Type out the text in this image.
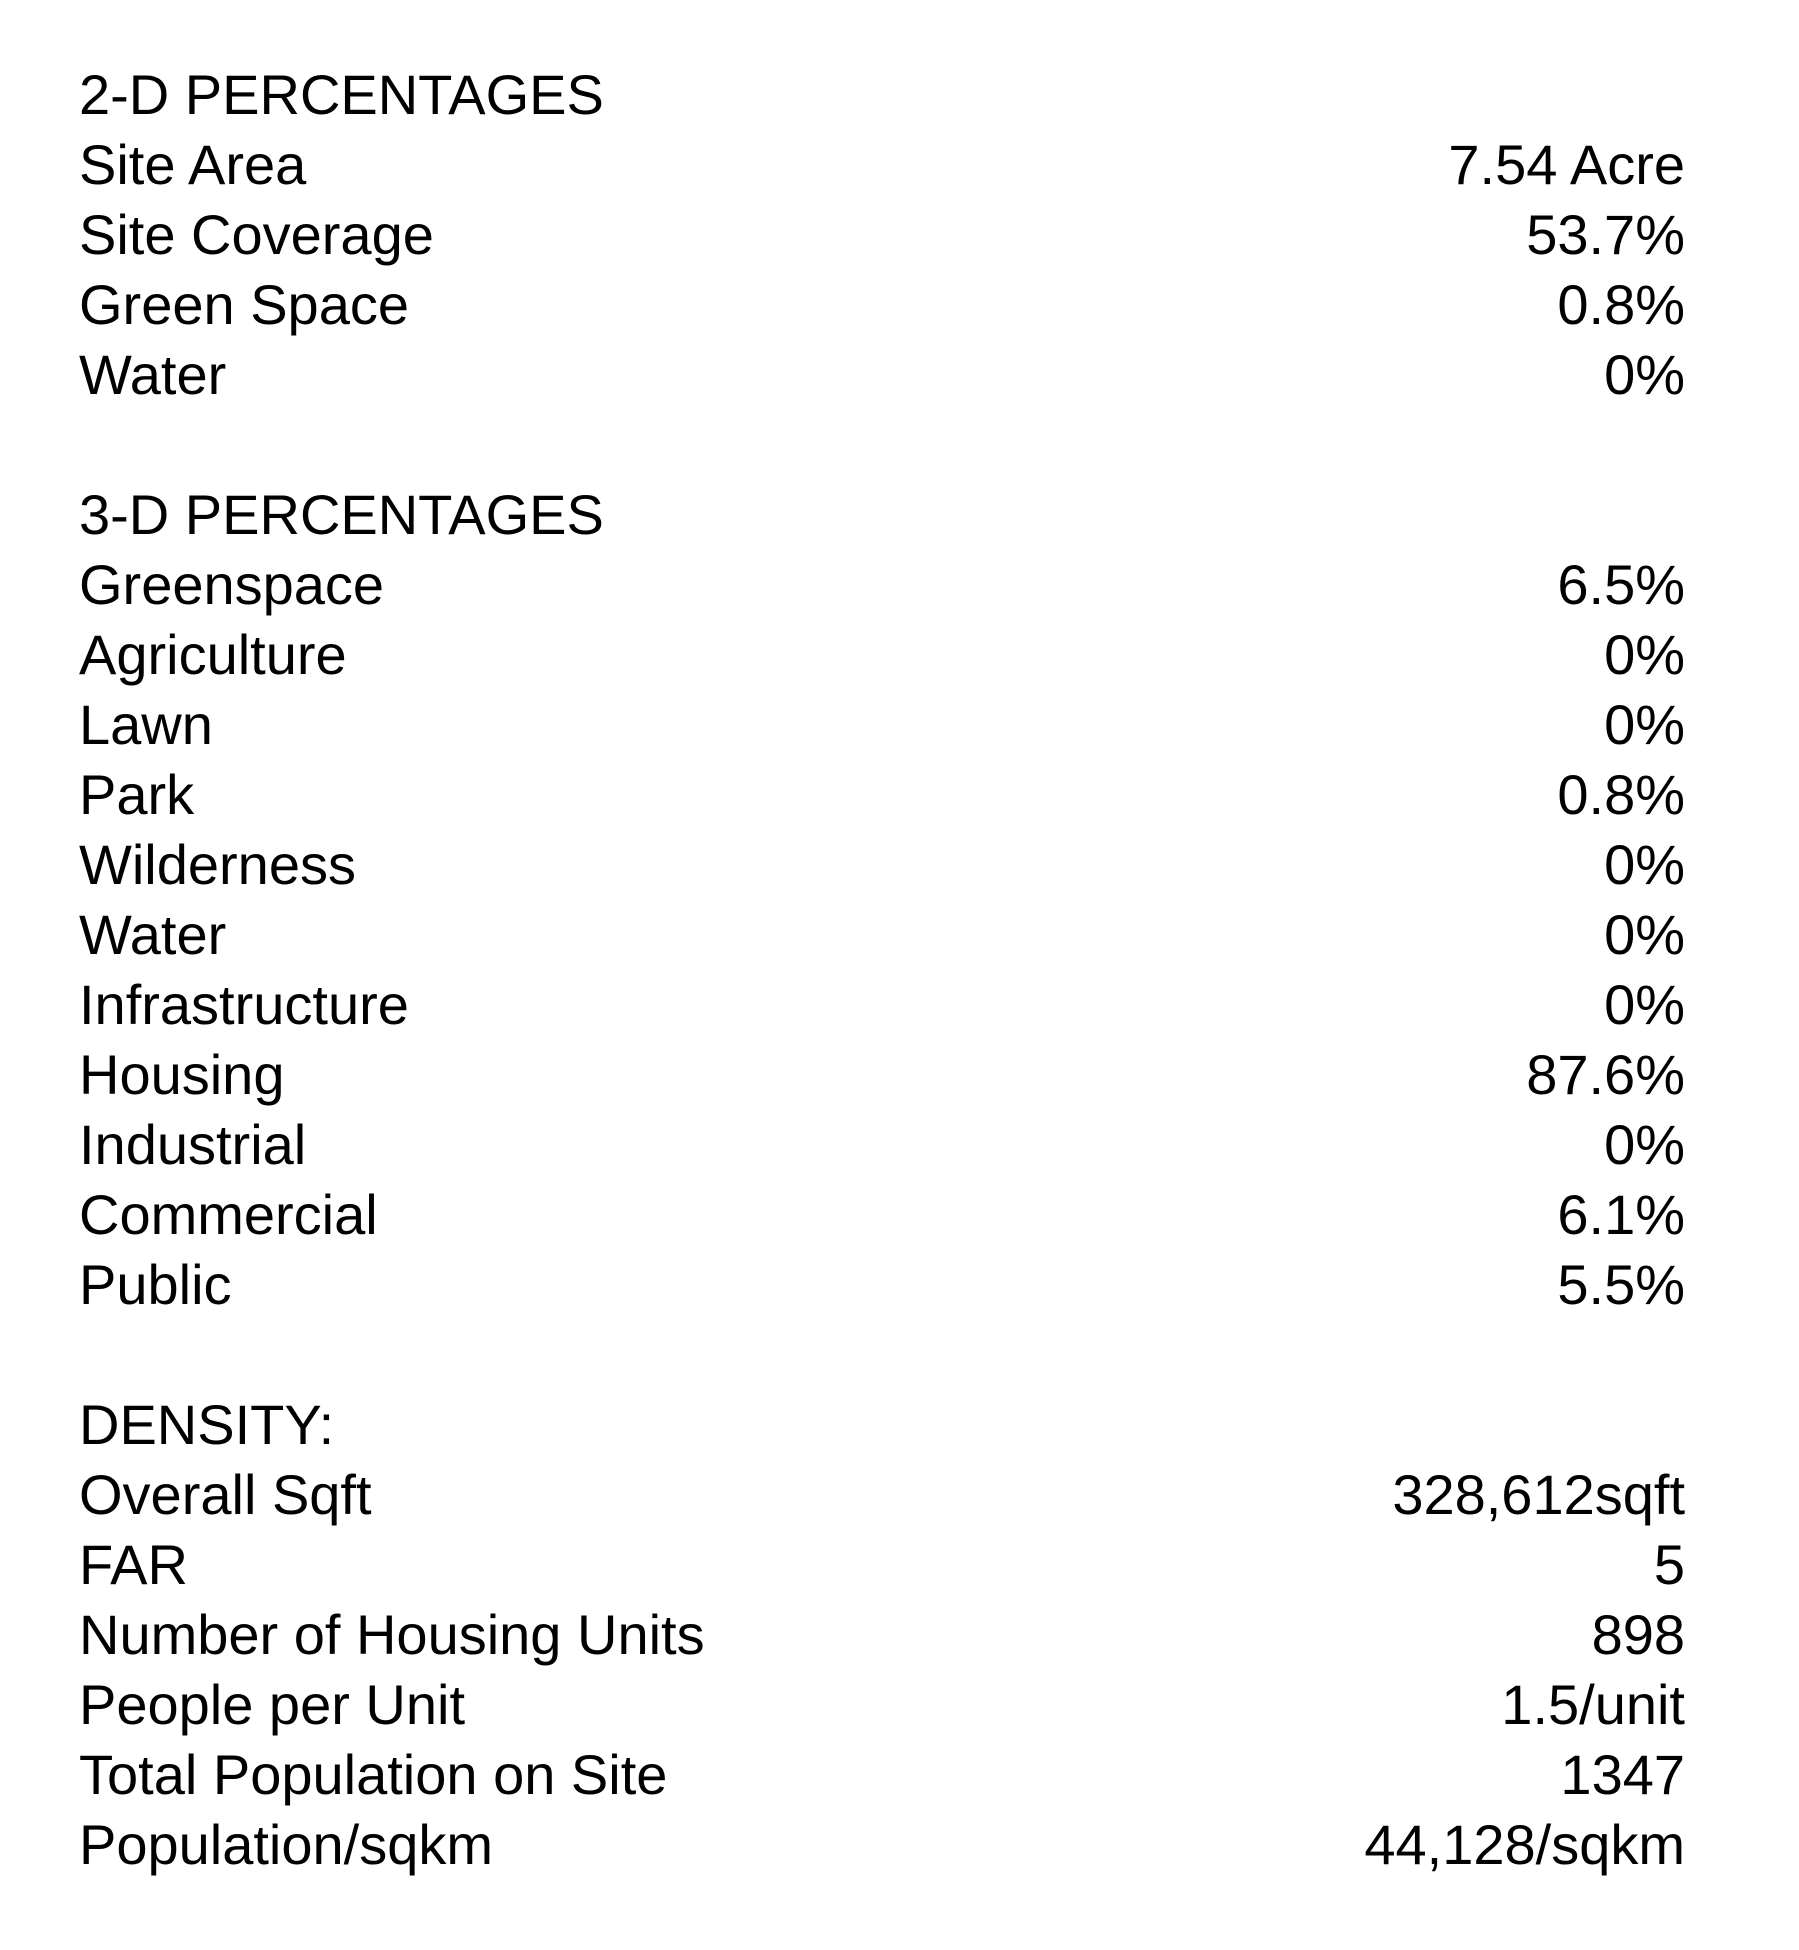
2-D PERCENTAGES
Site Area	7.54 Acre
Site Coverage	53.7%
Green Space	0.8%
Water	0%
3-D PERCENTAGES
Greenspace	6.5%
Agriculture	0%
Lawn	0%
Park	0.8%
Wilderness	0%
Water	0%
Infrastructure	0%
Housing	87.6%
Industrial	0%
Commercial	6.1%
Public	5.5%
DENSITY:
Overall Sqft	328,612sqft
FAR	5
Number of Housing Units	898
People per Unit	1.5/unit
Total Population on Site	1347
Population/sqkm	44,128/sqkm
